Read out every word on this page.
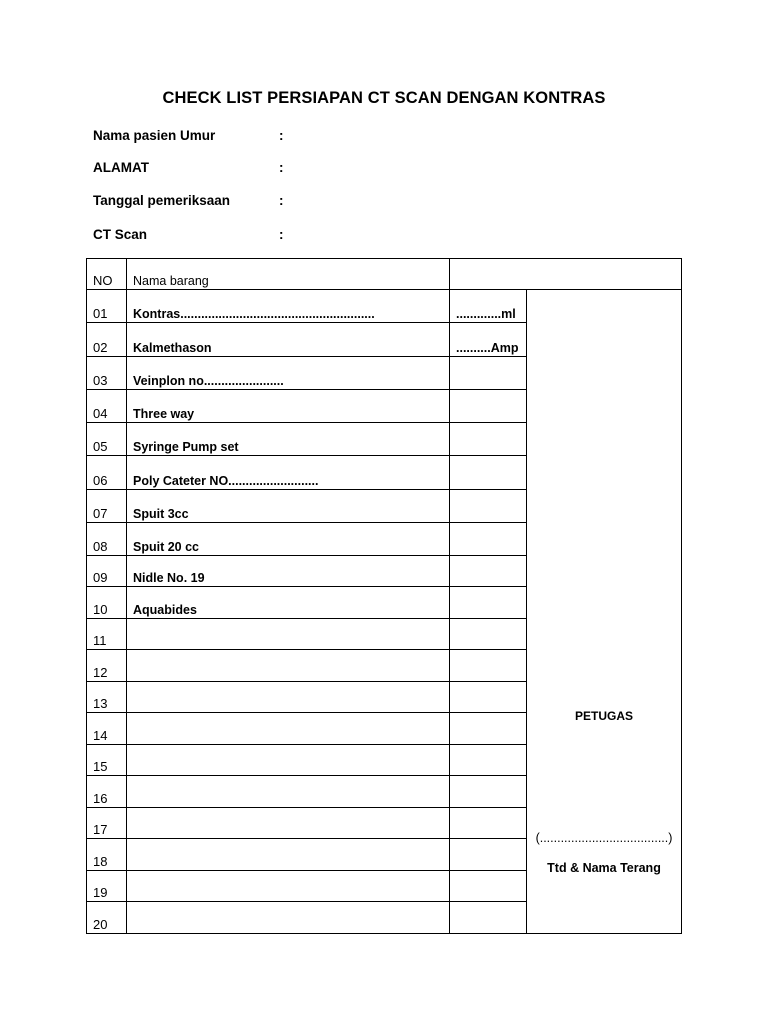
CHECK LIST PERSIAPAN CT SCAN DENGAN KONTRAS
Nama pasien Umur	:
ALAMAT	:
Tanggal pemeriksaan	:
CT Scan	:
NO	Nama barang		
01	Kontras........................................................	.............ml	PETUGAS
(.....................................)
Ttd & Nama Terang

02	Kalmethason	..........Amp	
03	Veinplon no.......................		
04	Three way		
05	Syringe Pump set		
06	Poly Cateter NO..........................		
07	Spuit 3cc		
08	Spuit 20 cc		
09	Nidle No. 19		
10	Aquabides		
11			
12			
13			
14			
15			
16			
17			
18			
19			
20			
